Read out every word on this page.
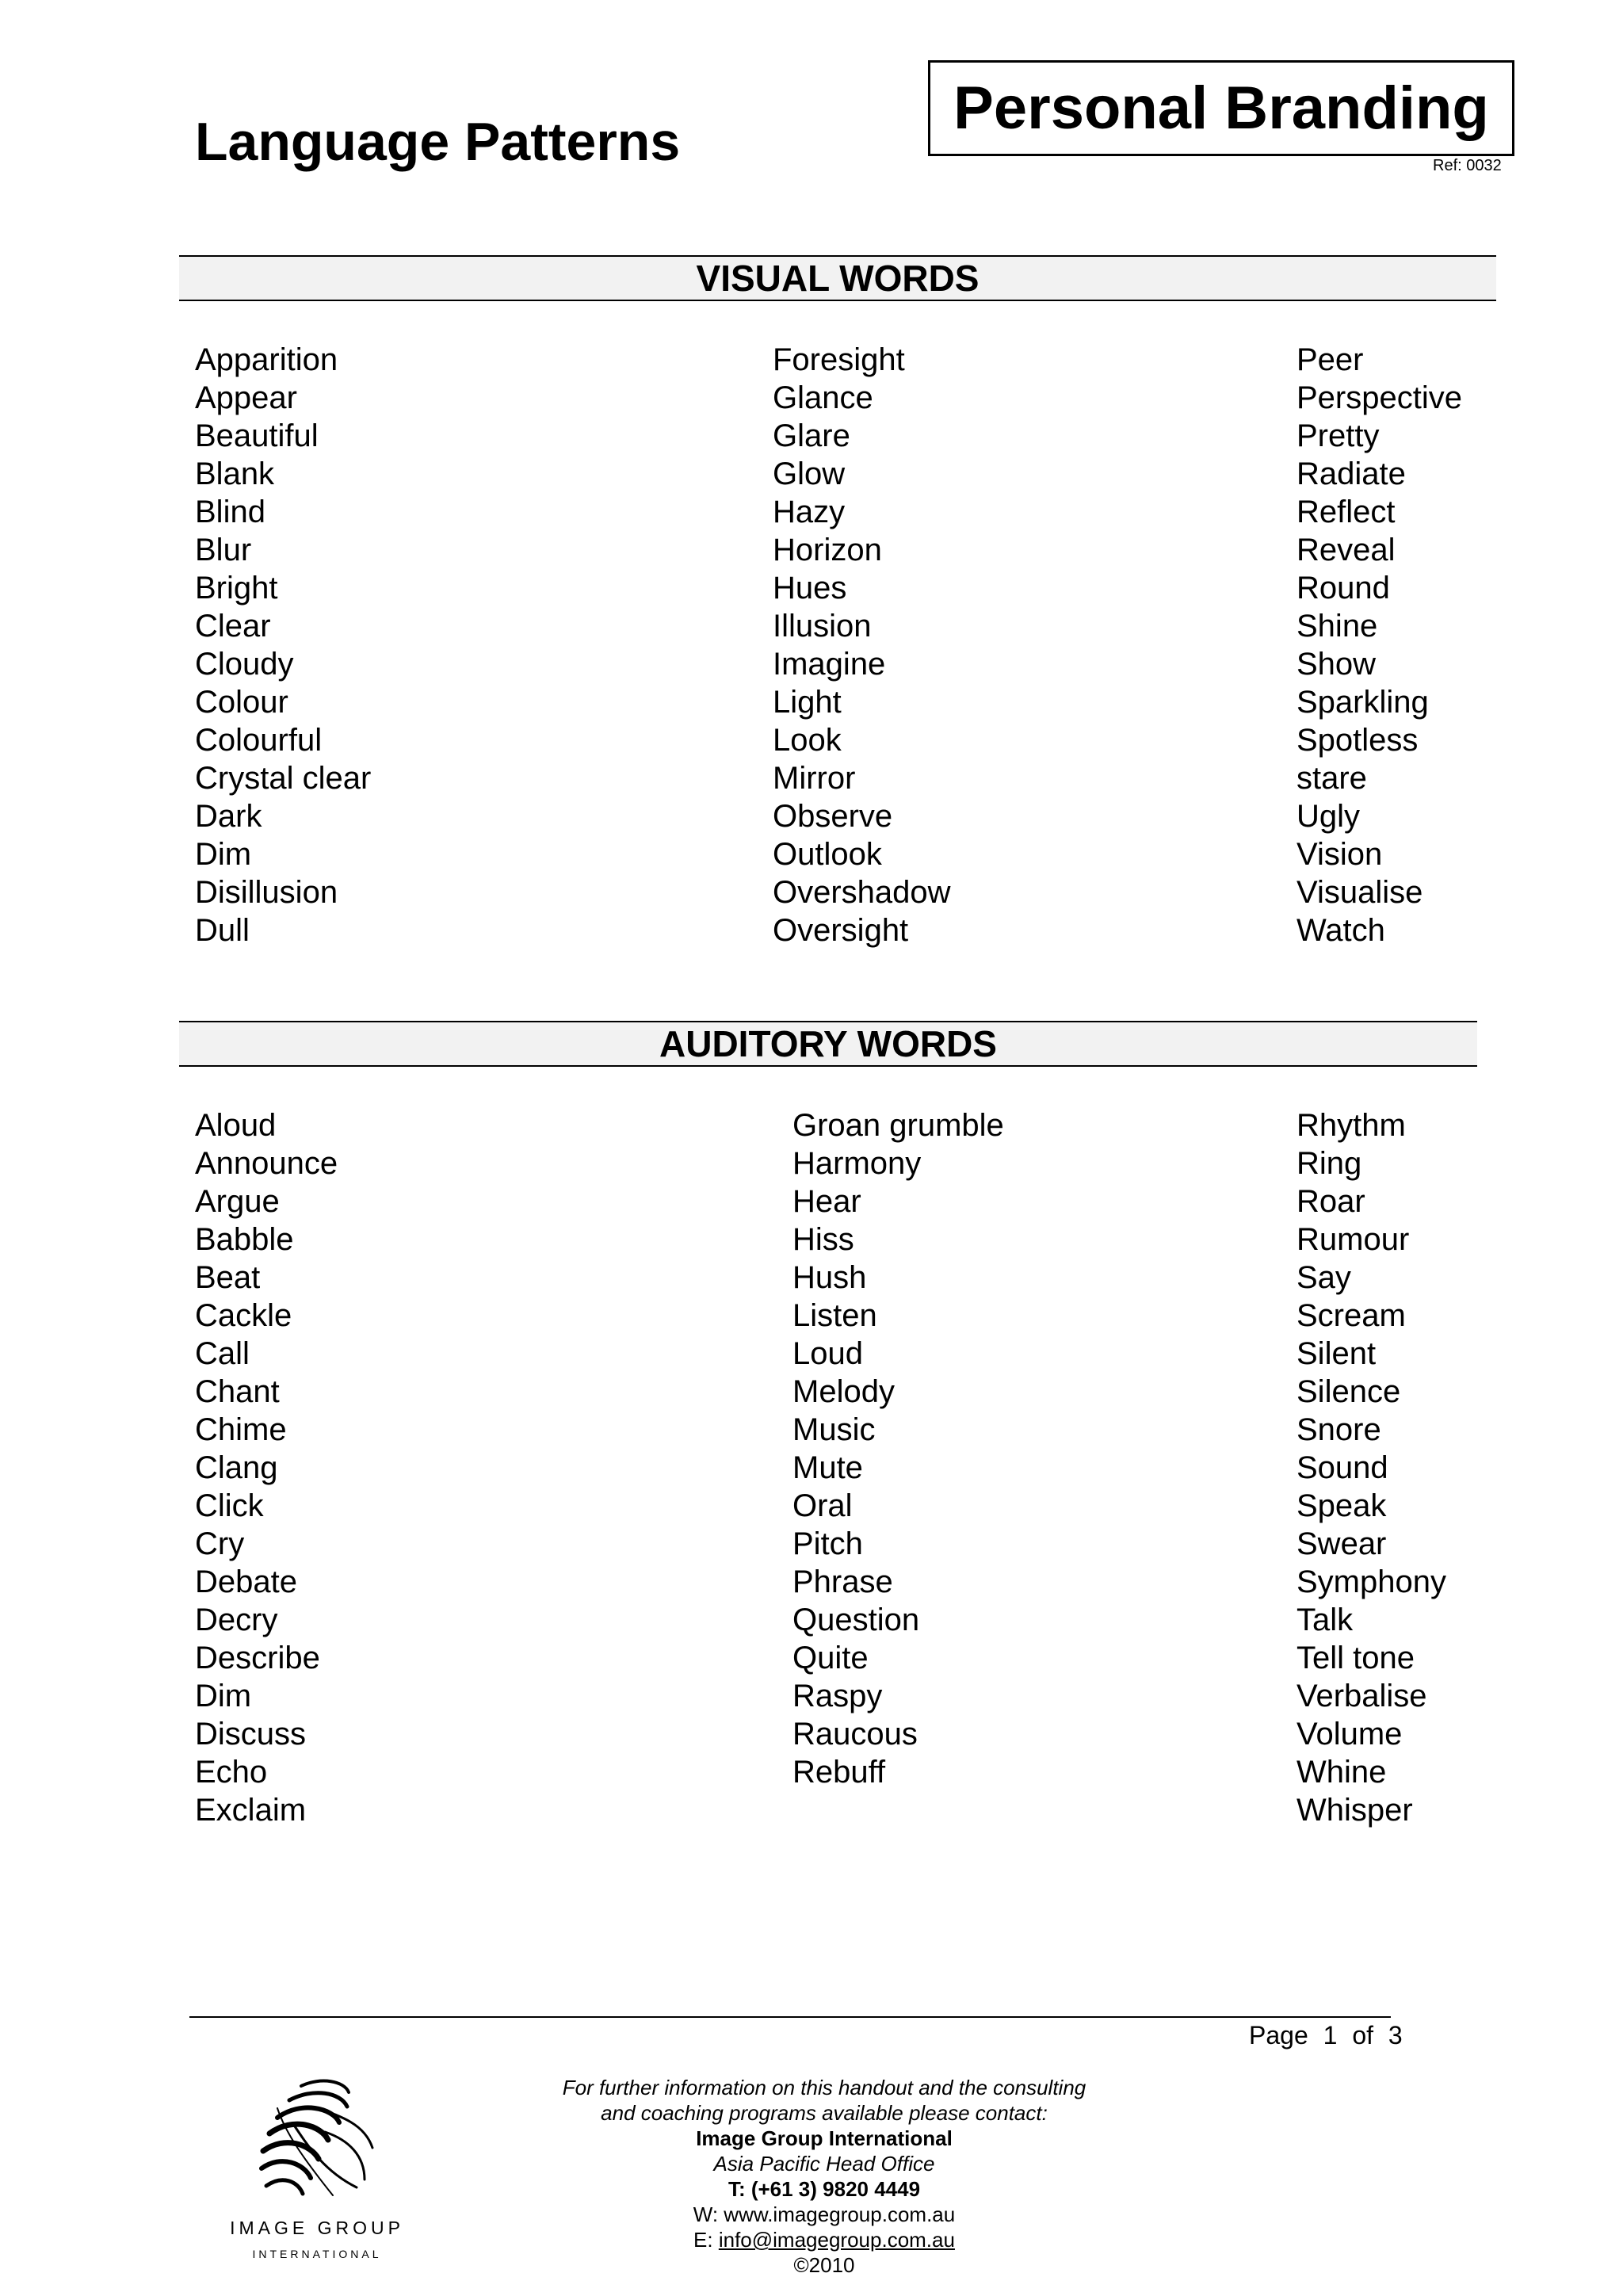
Language Patterns	Personal Branding
Ref: 0032
VISUAL WORDS
Apparition
Appear
Beautiful
Blank
Blind
Blur
Bright
Clear
Cloudy
Colour
Colourful
Crystal clear
Dark
Dim
Disillusion
Dull
Foresight
Glance
Glare
Glow
Hazy
Horizon
Hues
Illusion
Imagine
Light
Look
Mirror
Observe
Outlook
Overshadow
Oversight
Peer
Perspective
Pretty
Radiate
Reflect
Reveal
Round
Shine
Show
Sparkling
Spotless
stare
Ugly
Vision
Visualise
Watch
AUDITORY WORDS
Aloud
Announce
Argue
Babble
Beat
Cackle
Call
Chant
Chime
Clang
Click
Cry
Debate
Decry
Describe
Dim
Discuss
Echo
Exclaim
Groan grumble
Harmony
Hear
Hiss
Hush
Listen
Loud
Melody
Music
Mute
Oral
Pitch
Phrase
Question
Quite
Raspy
Raucous
Rebuff
Rhythm
Ring
Roar
Rumour
Say
Scream
Silent
Silence
Snore
Sound
Speak
Swear
Symphony
Talk
Tell tone
Verbalise
Volume
Whine
Whisper
Page 1 of 3
IMAGE GROUP
INTERNATIONAL
For further information on this handout and the consulting
and coaching programs available please contact:
Image Group International
Asia Pacific Head Office
T: (+61 3) 9820 4449
W: www.imagegroup.com.au
E: info@imagegroup.com.au
©2010
